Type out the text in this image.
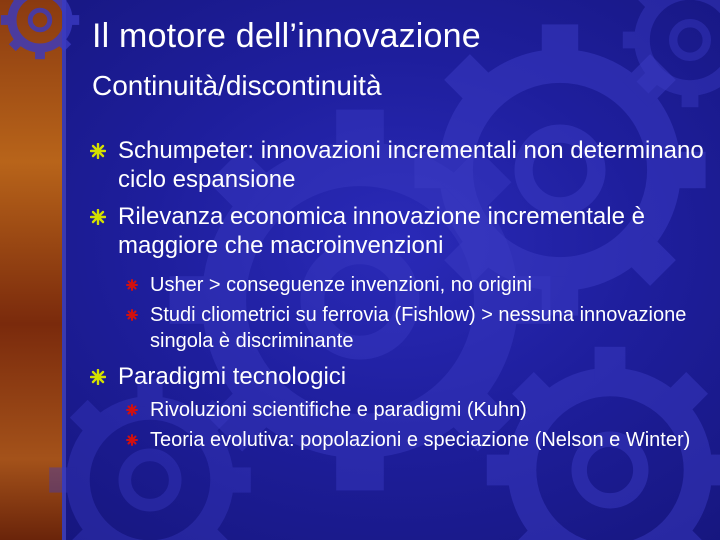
Il motore dell’innovazione
Continuità/discontinuità
Schumpeter: innovazioni incrementali non determinano ciclo espansione
Rilevanza economica innovazione incrementale è maggiore che macroinvenzioni
Usher > conseguenze invenzioni, no origini
Studi cliometrici su ferrovia (Fishlow) > nessuna innovazione singola è discriminante
Paradigmi tecnologici
Rivoluzioni scientifiche e paradigmi (Kuhn)
Teoria evolutiva: popolazioni e speciazione (Nelson e Winter)
